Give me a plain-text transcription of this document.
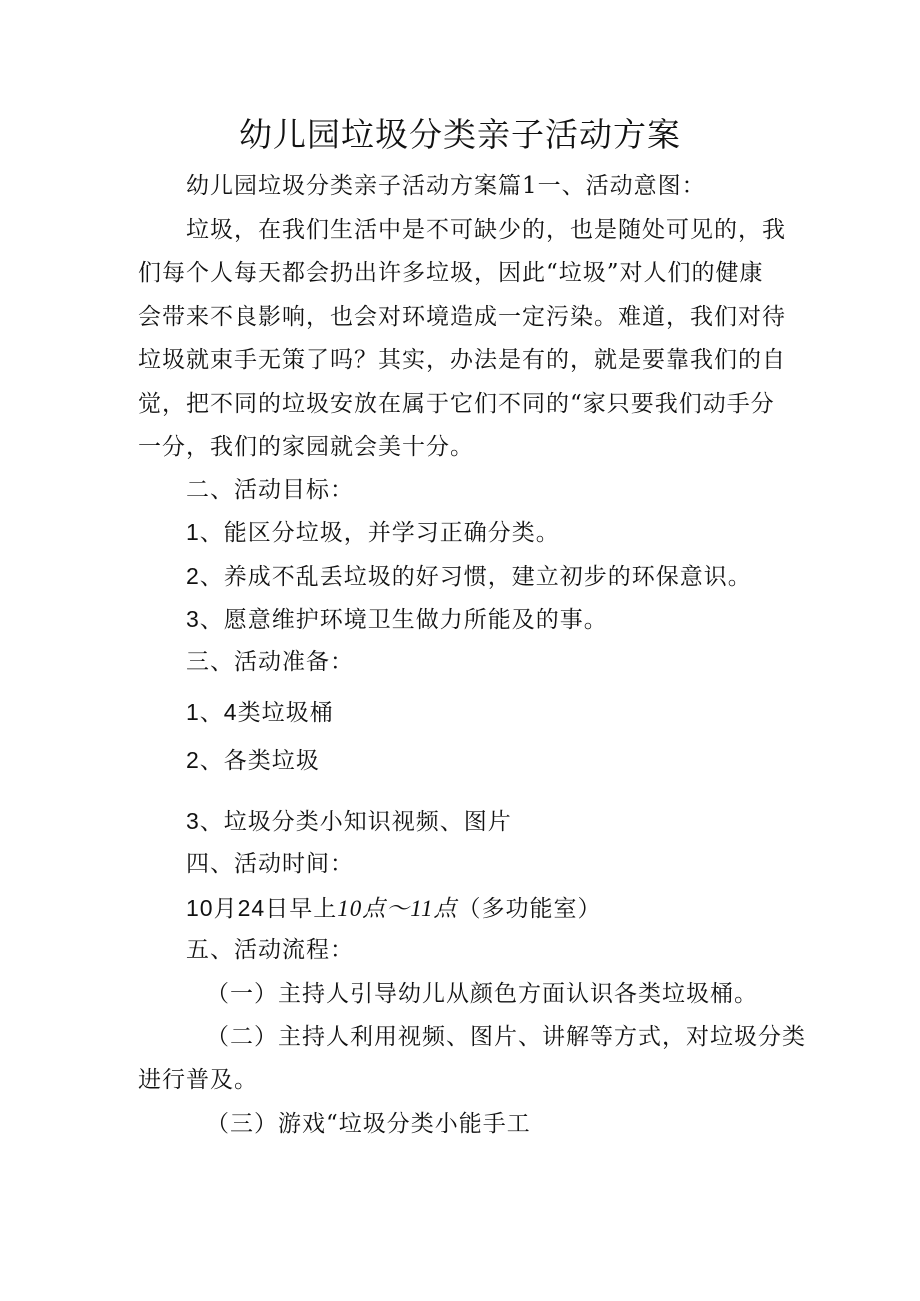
幼儿园垃圾分类亲子活动方案
幼儿园垃圾分类亲子活动方案篇1一、活动意图：
垃圾，在我们生活中是不可缺少的，也是随处可见的，我
们每个人每天都会扔出许多垃圾，因此“垃圾”对人们的健康
会带来不良影响，也会对环境造成一定污染。难道，我们对待
垃圾就束手无策了吗？其实，办法是有的，就是要靠我们的自
觉，把不同的垃圾安放在属于它们不同的“家只要我们动手分
一分，我们的家园就会美十分。
二、活动目标：
1、能区分垃圾，并学习正确分类。
2、养成不乱丢垃圾的好习惯，建立初步的环保意识。
3、愿意维护环境卫生做力所能及的事。
三、活动准备：
1、4类垃圾桶
2、各类垃圾
3、垃圾分类小知识视频、图片
四、活动时间：
10月24日早上10点～11点（多功能室）
五、活动流程：
（一）主持人引导幼儿从颜色方面认识各类垃圾桶。
（二）主持人利用视频、图片、讲解等方式，对垃圾分类
进行普及。
（三）游戏“垃圾分类小能手工
